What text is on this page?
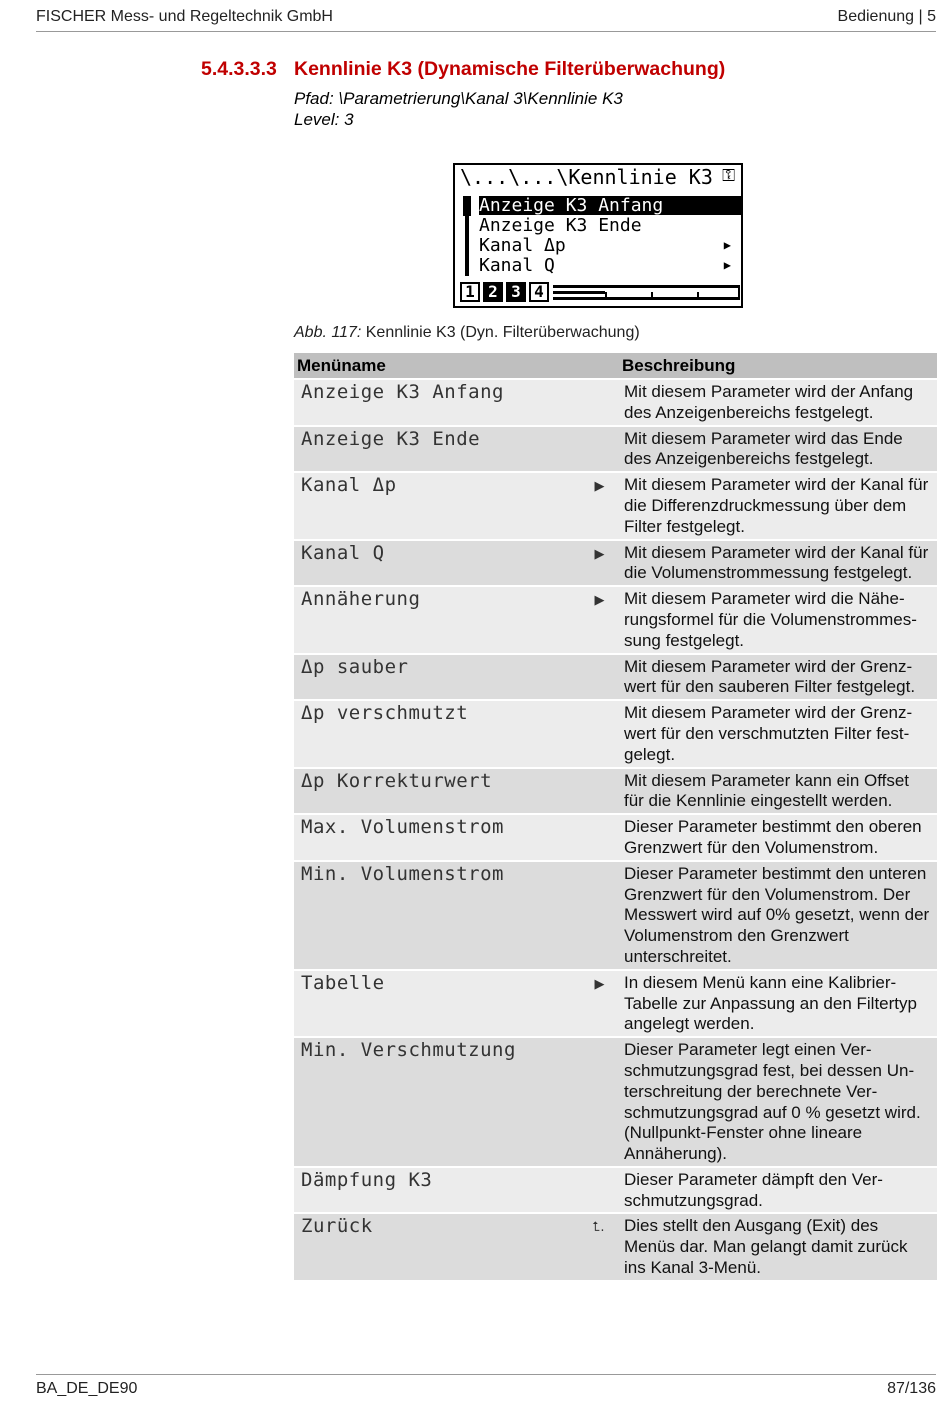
FISCHER Mess- und Regeltechnik GmbH	Bedienung | 5
5.4.3.3.3 Kennlinie K3 (Dynamische Filterüberwachung)
Pfad: \Parametrierung\Kanal 3\Kennlinie K3
Level: 3
\...\...\Kennlinie K3 ⚿
Anzeige K3 Anfang
Anzeige K3 Ende
Kanal Δp	▶
Kanal Q	▶
1 2 3 4
Abb. 117: Kennlinie K3 (Dyn. Filterüberwachung)
Menüname	Beschreibung
Anzeige K3 Anfang	Mit diesem Parameter wird der Anfang des Anzeigenbereichs festgelegt.
Anzeige K3 Ende	Mit diesem Parameter wird das Ende des Anzeigenbereichs festgelegt.
Kanal Δp ▶	Mit diesem Parameter wird der Kanal für die Differenzdruckmessung über dem Filter festgelegt.
Kanal Q ▶	Mit diesem Parameter wird der Kanal für die Volumenstrommessung festgelegt.
Annäherung ▶	Mit diesem Parameter wird die Näherungsformel für die Volumenstrommessung festgelegt.
Δp sauber	Mit diesem Parameter wird der Grenzwert für den sauberen Filter festgelegt.
Δp verschmutzt	Mit diesem Parameter wird der Grenzwert für den verschmutzten Filter festgelegt.
Δp Korrekturwert	Mit diesem Parameter kann ein Offset für die Kennlinie eingestellt werden.
Max. Volumenstrom	Dieser Parameter bestimmt den oberen Grenzwert für den Volumenstrom.
Min. Volumenstrom	Dieser Parameter bestimmt den unteren Grenzwert für den Volumenstrom. Der Messwert wird auf 0% gesetzt, wenn der Volumenstrom den Grenzwert unterschreitet.
Tabelle ▶	In diesem Menü kann eine Kalibrier-Tabelle zur Anpassung an den Filtertyp angelegt werden.
Min. Verschmutzung	Dieser Parameter legt einen Verschmutzungsgrad fest, bei dessen Unterschreitung der berechnete Verschmutzungsgrad auf 0 % gesetzt wird. (Nullpunkt-Fenster ohne lineare Annäherung).
Dämpfung K3	Dieser Parameter dämpft den Verschmutzungsgrad.
Zurück ⮤.	Dies stellt den Ausgang (Exit) des Menüs dar. Man gelangt damit zurück ins Kanal 3-Menü.
BA_DE_DE90	87/136
